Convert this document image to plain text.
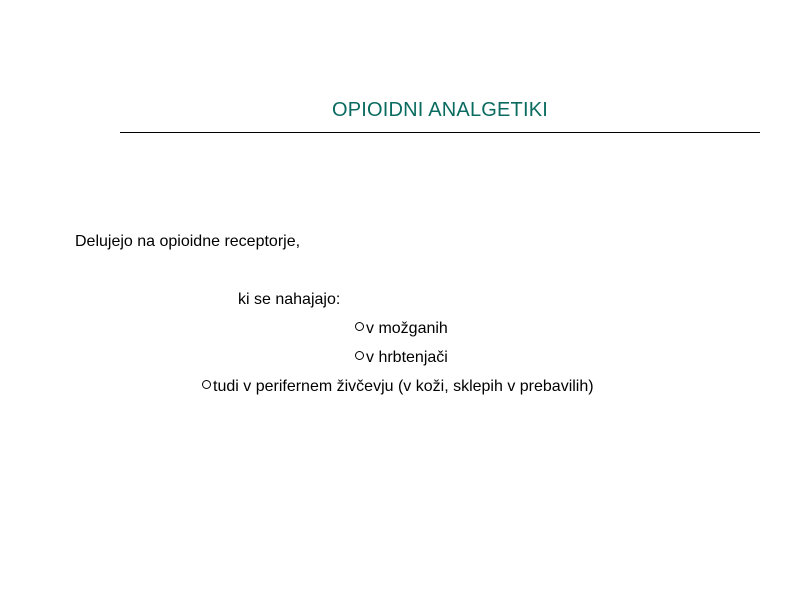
OPIOIDNI ANALGETIKI
Delujejo na opioidne receptorje,
ki se nahajajo:
v možganih
v hrbtenjači
tudi v perifernem živčevju (v koži, sklepih v prebavilih)
